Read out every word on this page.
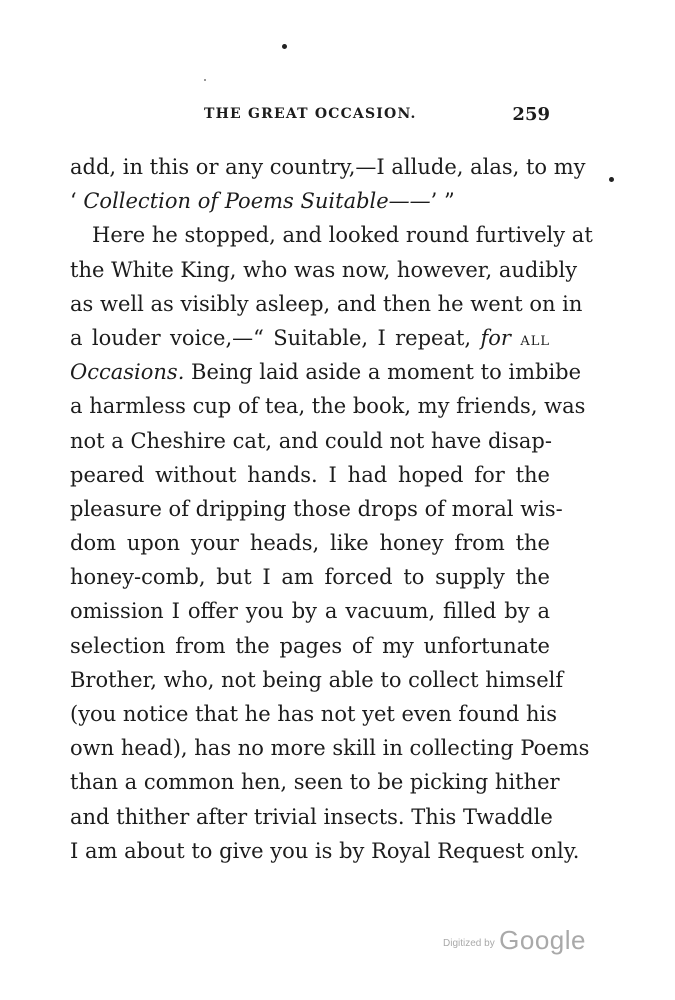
THE GREAT OCCASION.	259
add, in this or any country,—I allude, alas, to my
‘ Collection of Poems Suitable——’ ”
Here he stopped, and looked round furtively at
the White King, who was now, however, audibly
as well as visibly asleep, and then he went on in
a louder voice,—“ Suitable, I repeat, for all
Occasions. Being laid aside a moment to imbibe
a harmless cup of tea, the book, my friends, was
not a Cheshire cat, and could not have disap-
peared without hands. I had hoped for the
pleasure of dripping those drops of moral wis-
dom upon your heads, like honey from the
honey-comb, but I am forced to supply the
omission I offer you by a vacuum, filled by a
selection from the pages of my unfortunate
Brother, who, not being able to collect himself
(you notice that he has not yet even found his
own head), has no more skill in collecting Poems
than a common hen, seen to be picking hither
and thither after trivial insects. This Twaddle
I am about to give you is by Royal Request only.
Digitized by Google
